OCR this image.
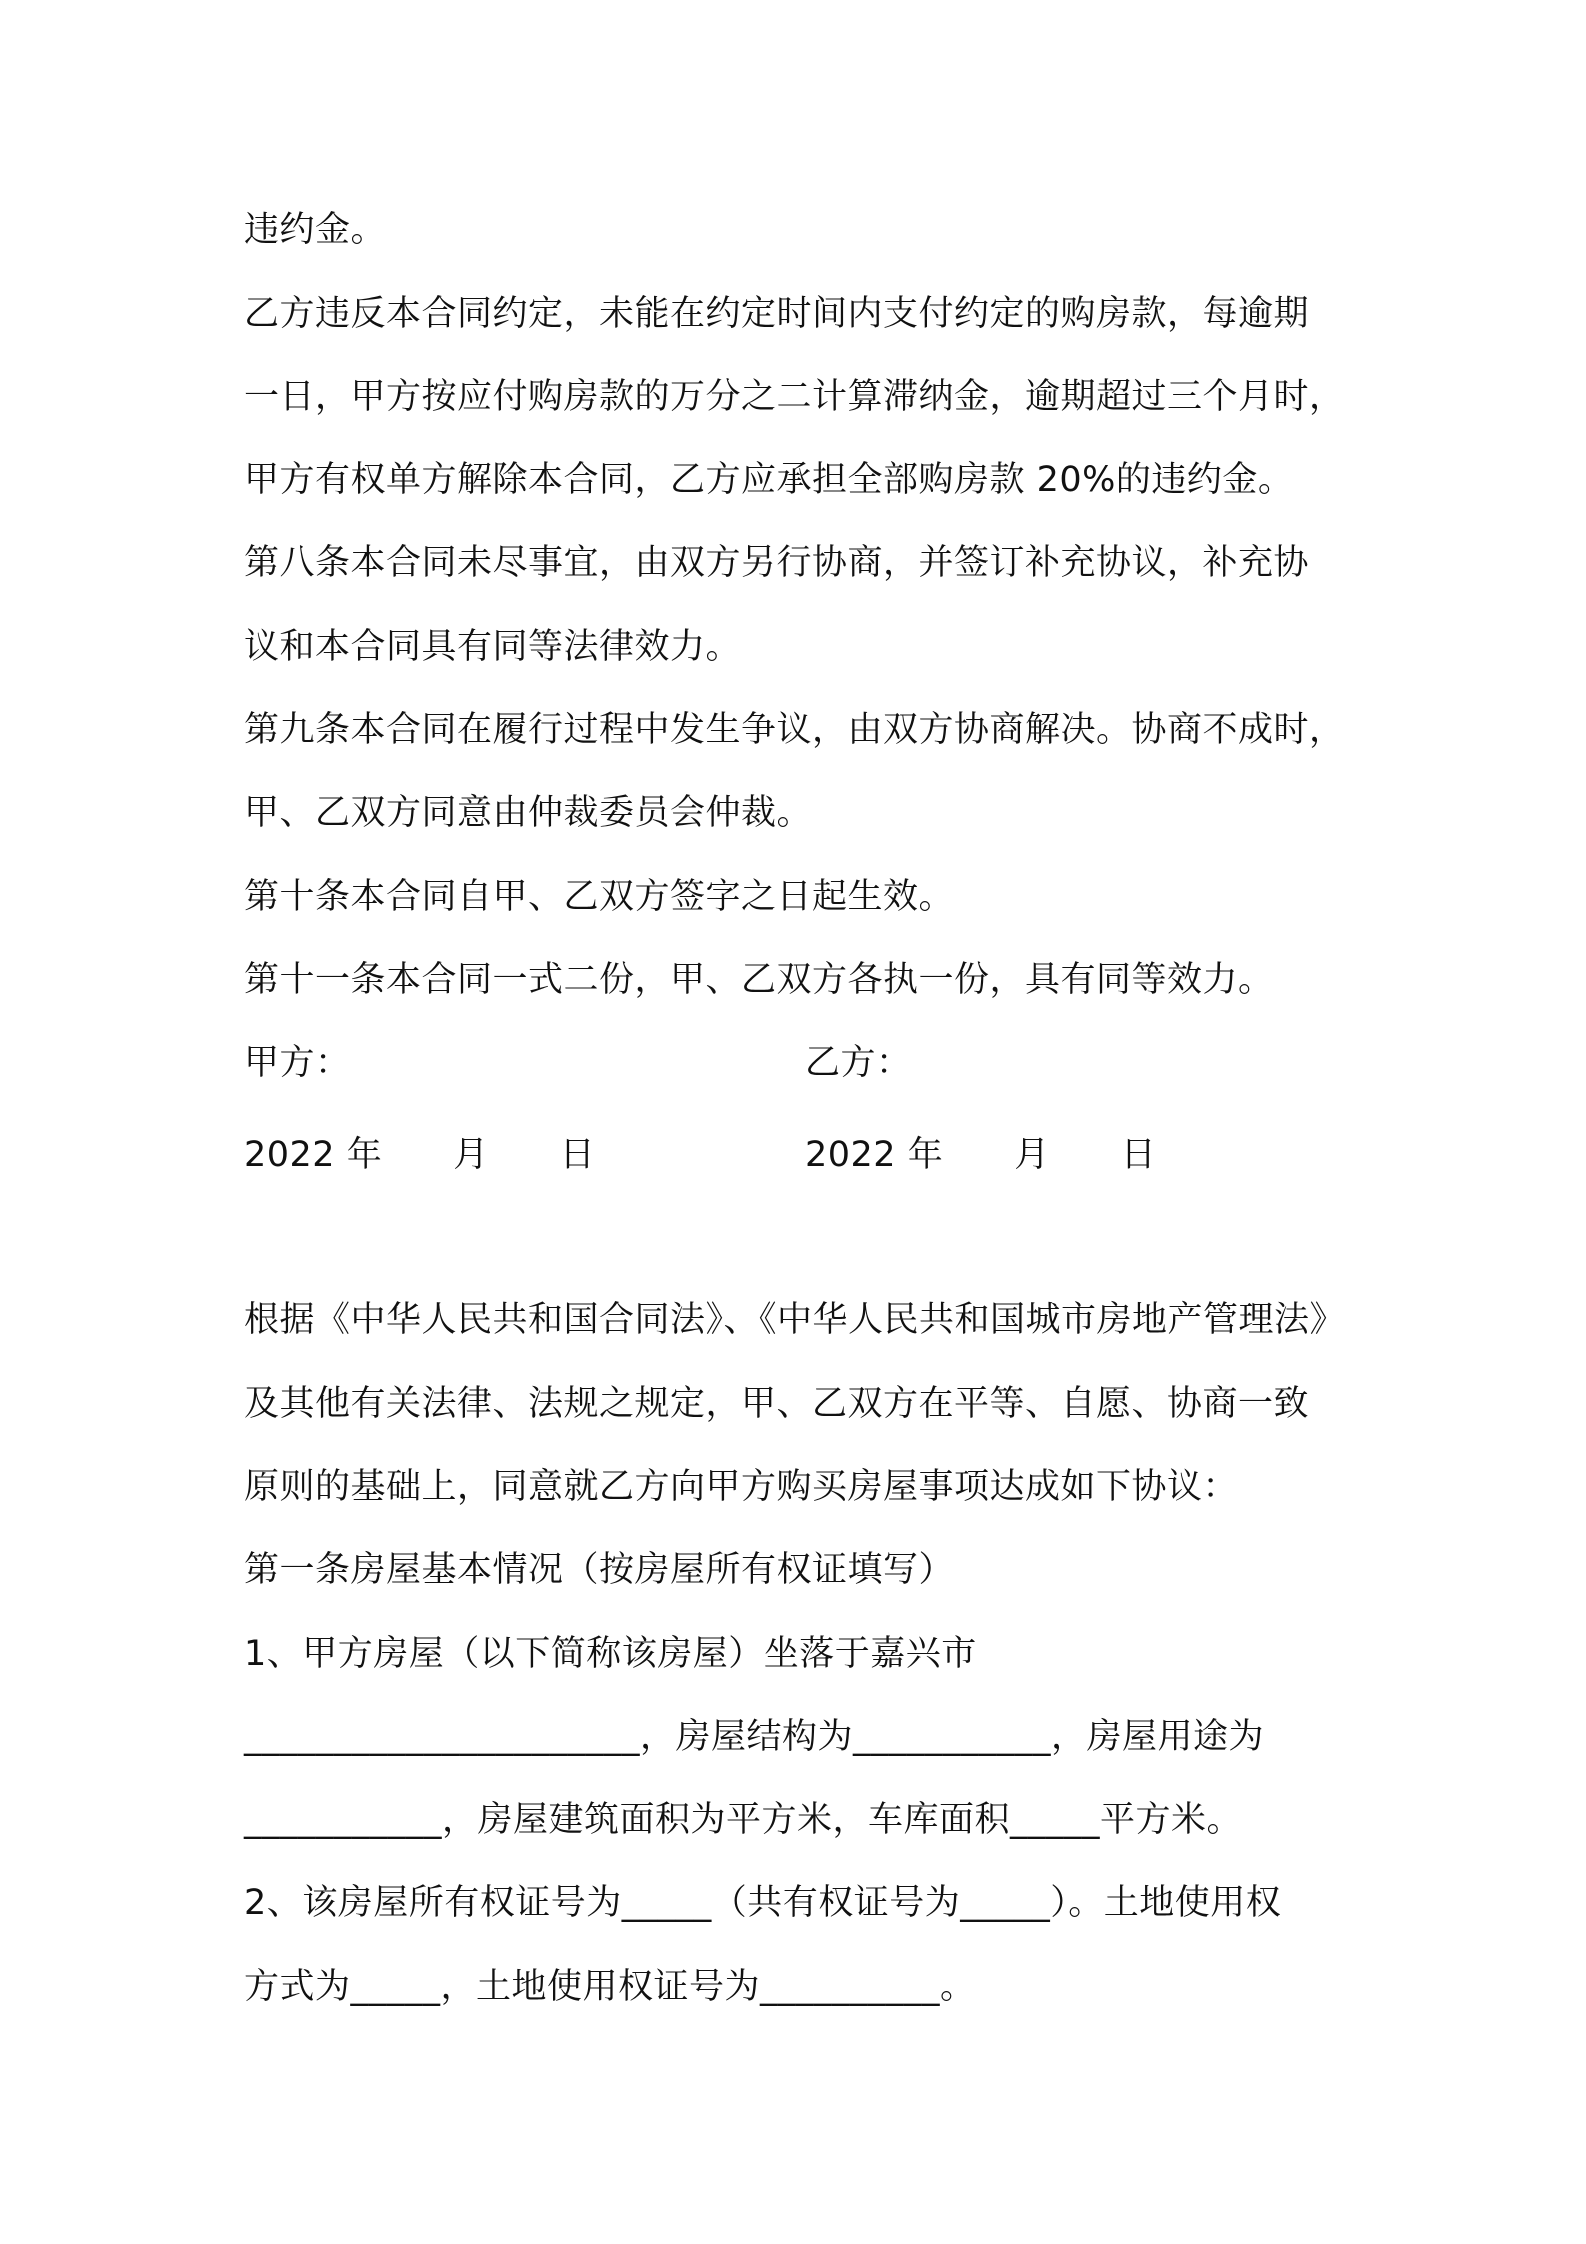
违约金。
乙方违反本合同约定，未能在约定时间内支付约定的购房款，每逾期
一日，甲方按应付购房款的万分之二计算滞纳金，逾期超过三个月时，
甲方有权单方解除本合同，乙方应承担全部购房款 20%的违约金。
第八条本合同未尽事宜，由双方另行协商，并签订补充协议，补充协
议和本合同具有同等法律效力。
第九条本合同在履行过程中发生争议，由双方协商解决。协商不成时，
甲、乙双方同意由仲裁委员会仲裁。
第十条本合同自甲、乙双方签字之日起生效。
第十一条本合同一式二份，甲、乙双方各执一份，具有同等效力。
甲方：	乙方：
2022 年　　月　　日	2022 年　　月　　日
根据《中华人民共和国合同法》、《中华人民共和国城市房地产管理法》
及其他有关法律、法规之规定，甲、乙双方在平等、自愿、协商一致
原则的基础上，同意就乙方向甲方购买房屋事项达成如下协议：
第一条房屋基本情况（按房屋所有权证填写）
1、甲方房屋（以下简称该房屋）坐落于嘉兴市
______________________，房屋结构为___________，房屋用途为
___________，房屋建筑面积为平方米，车库面积_____平方米。
2、该房屋所有权证号为_____（共有权证号为_____）。土地使用权
方式为_____，土地使用权证号为__________。
